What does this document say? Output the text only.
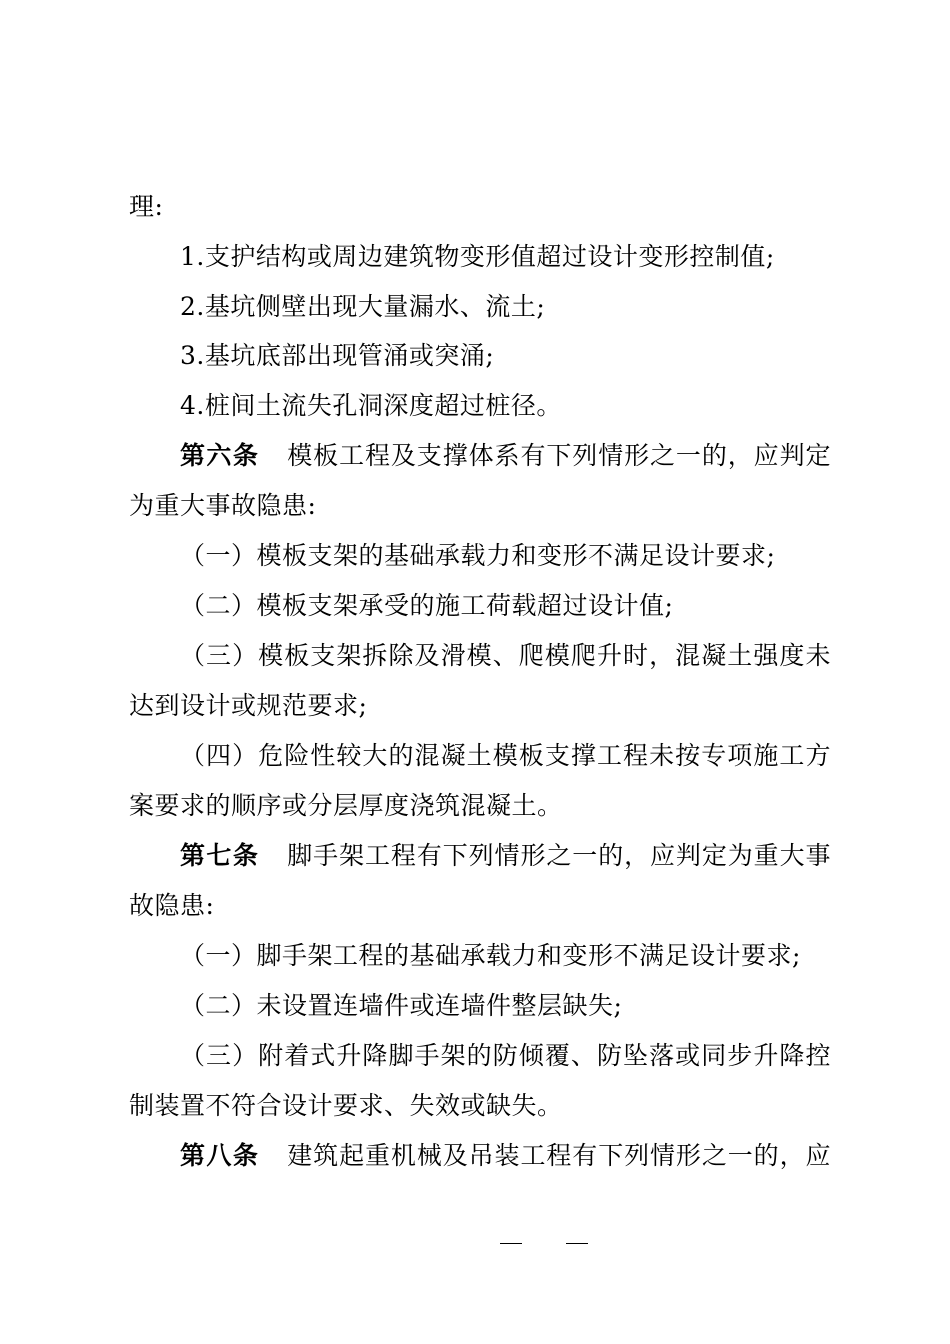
理:
1.支护结构或周边建筑物变形值超过设计变形控制值;
2.基坑侧壁出现大量漏水、流土;
3.基坑底部出现管涌或突涌;
4.桩间土流失孔洞深度超过桩径。
第六条 模板工程及支撑体系有下列情形之一的，应判定
为重大事故隐患:
（一）模板支架的基础承载力和变形不满足设计要求;
（二）模板支架承受的施工荷载超过设计值;
（三）模板支架拆除及滑模、爬模爬升时，混凝土强度未
达到设计或规范要求;
（四）危险性较大的混凝土模板支撑工程未按专项施工方
案要求的顺序或分层厚度浇筑混凝土。
第七条 脚手架工程有下列情形之一的，应判定为重大事
故隐患:
（一）脚手架工程的基础承载力和变形不满足设计要求;
（二）未设置连墙件或连墙件整层缺失;
（三）附着式升降脚手架的防倾覆、防坠落或同步升降控
制装置不符合设计要求、失效或缺失。
第八条 建筑起重机械及吊装工程有下列情形之一的，应
